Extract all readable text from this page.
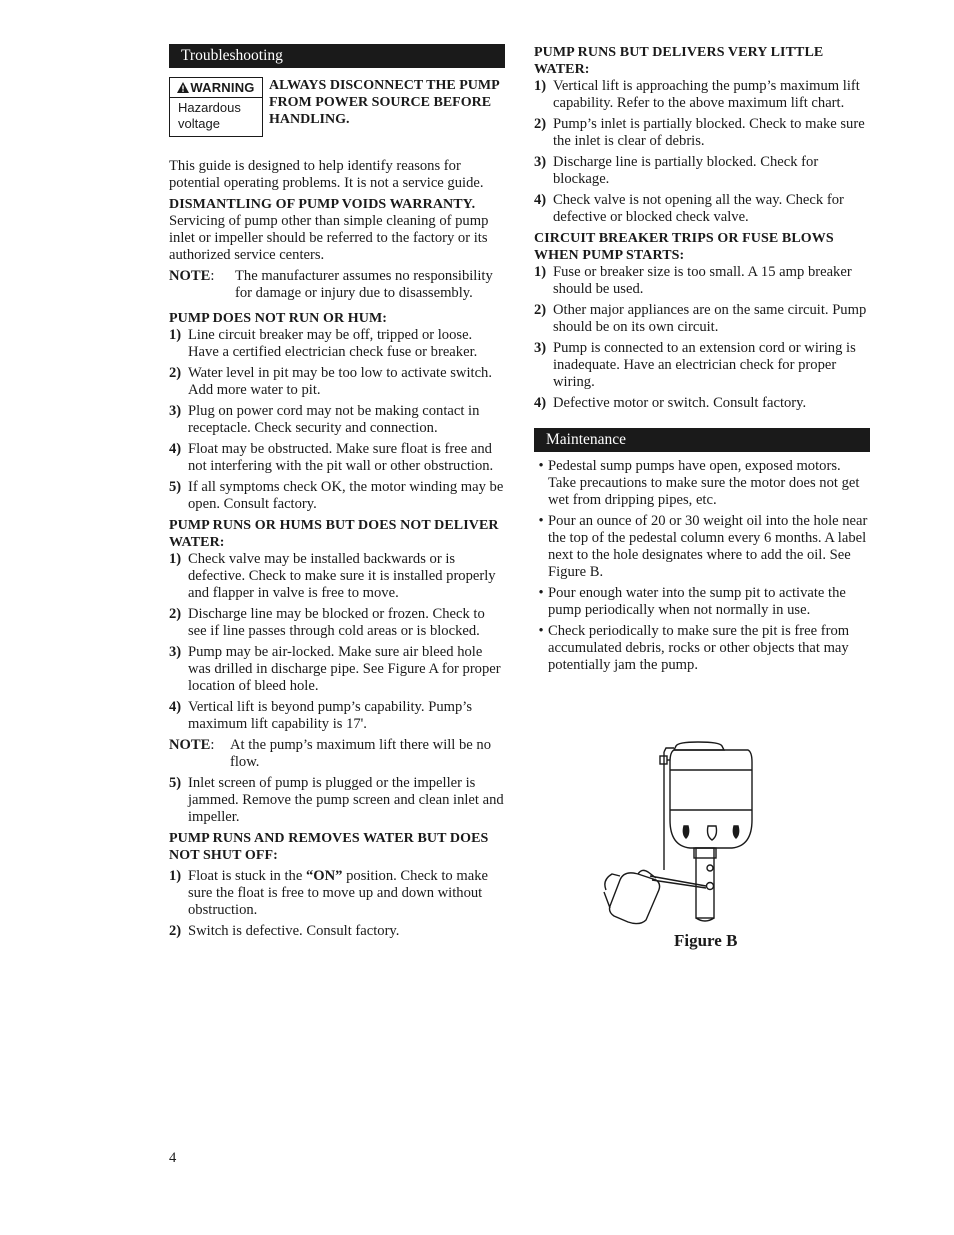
Troubleshooting
WARNING
Hazardous
voltage
ALWAYS DISCONNECT THE PUMP FROM POWER SOURCE BEFORE HANDLING.

This guide is designed to help identify reasons for potential operating problems. It is not a service guide.

DISMANTLING OF PUMP VOIDS WARRANTY. Servicing of pump other than simple cleaning of pump inlet or impeller should be referred to the factory or its authorized service centers.

NOTE:	The manufacturer assumes no responsibility for damage or injury due to disassembly.
PUMP DOES NOT RUN OR HUM:
1) Line circuit breaker may be off, tripped or loose. Have a certified electrician check fuse or breaker.
2) Water level in pit may be too low to activate switch. Add more water to pit.
3) Plug on power cord may not be making contact in receptacle. Check security and connection.
4) Float may be obstructed. Make sure float is free and not interfering with the pit wall or other obstruction.
5) If all symptoms check OK, the motor winding may be open. Consult factory.
PUMP RUNS OR HUMS BUT DOES NOT DELIVER WATER:
1) Check valve may be installed backwards or is defective. Check to make sure it is installed properly and flapper in valve is free to move.
2) Discharge line may be blocked or frozen. Check to see if line passes through cold areas or is blocked.
3) Pump may be air-locked. Make sure air bleed hole was drilled in discharge pipe. See Figure A for proper location of bleed hole.
4) Vertical lift is beyond pump’s capability. Pump’s maximum lift capability is 17'.
NOTE:	At the pump’s maximum lift there will be no flow.
5) Inlet screen of pump is plugged or the impeller is jammed. Remove the pump screen and clean inlet and impeller.
PUMP RUNS AND REMOVES WATER BUT DOES NOT SHUT OFF:
1) Float is stuck in the “ON” position. Check to make sure the float is free to move up and down without obstruction.
2) Switch is defective. Consult factory.
PUMP RUNS BUT DELIVERS VERY LITTLE WATER:
1) Vertical lift is approaching the pump’s maximum lift capability. Refer to the above maximum lift chart.
2) Pump’s inlet is partially blocked. Check to make sure the inlet is clear of debris.
3) Discharge line is partially blocked. Check for blockage.
4) Check valve is not opening all the way. Check for defective or blocked check valve.
CIRCUIT BREAKER TRIPS OR FUSE BLOWS WHEN PUMP STARTS:
1) Fuse or breaker size is too small. A 15 amp breaker should be used.
2) Other major appliances are on the same circuit. Pump should be on its own circuit.
3) Pump is connected to an extension cord or wiring is inadequate. Have an electrician check for proper wiring.
4) Defective motor or switch. Consult factory.
Maintenance
• Pedestal sump pumps have open, exposed motors. Take precautions to make sure the motor does not get wet from dripping pipes, etc.
• Pour an ounce of 20 or 30 weight oil into the hole near the top of the pedestal column every 6 months. A label next to the hole designates where to add the oil. See Figure B.
• Pour enough water into the sump pit to activate the pump periodically when not normally in use.
• Check periodically to make sure the pit is free from accumulated debris, rocks or other objects that may potentially jam the pump.
Figure B
4
